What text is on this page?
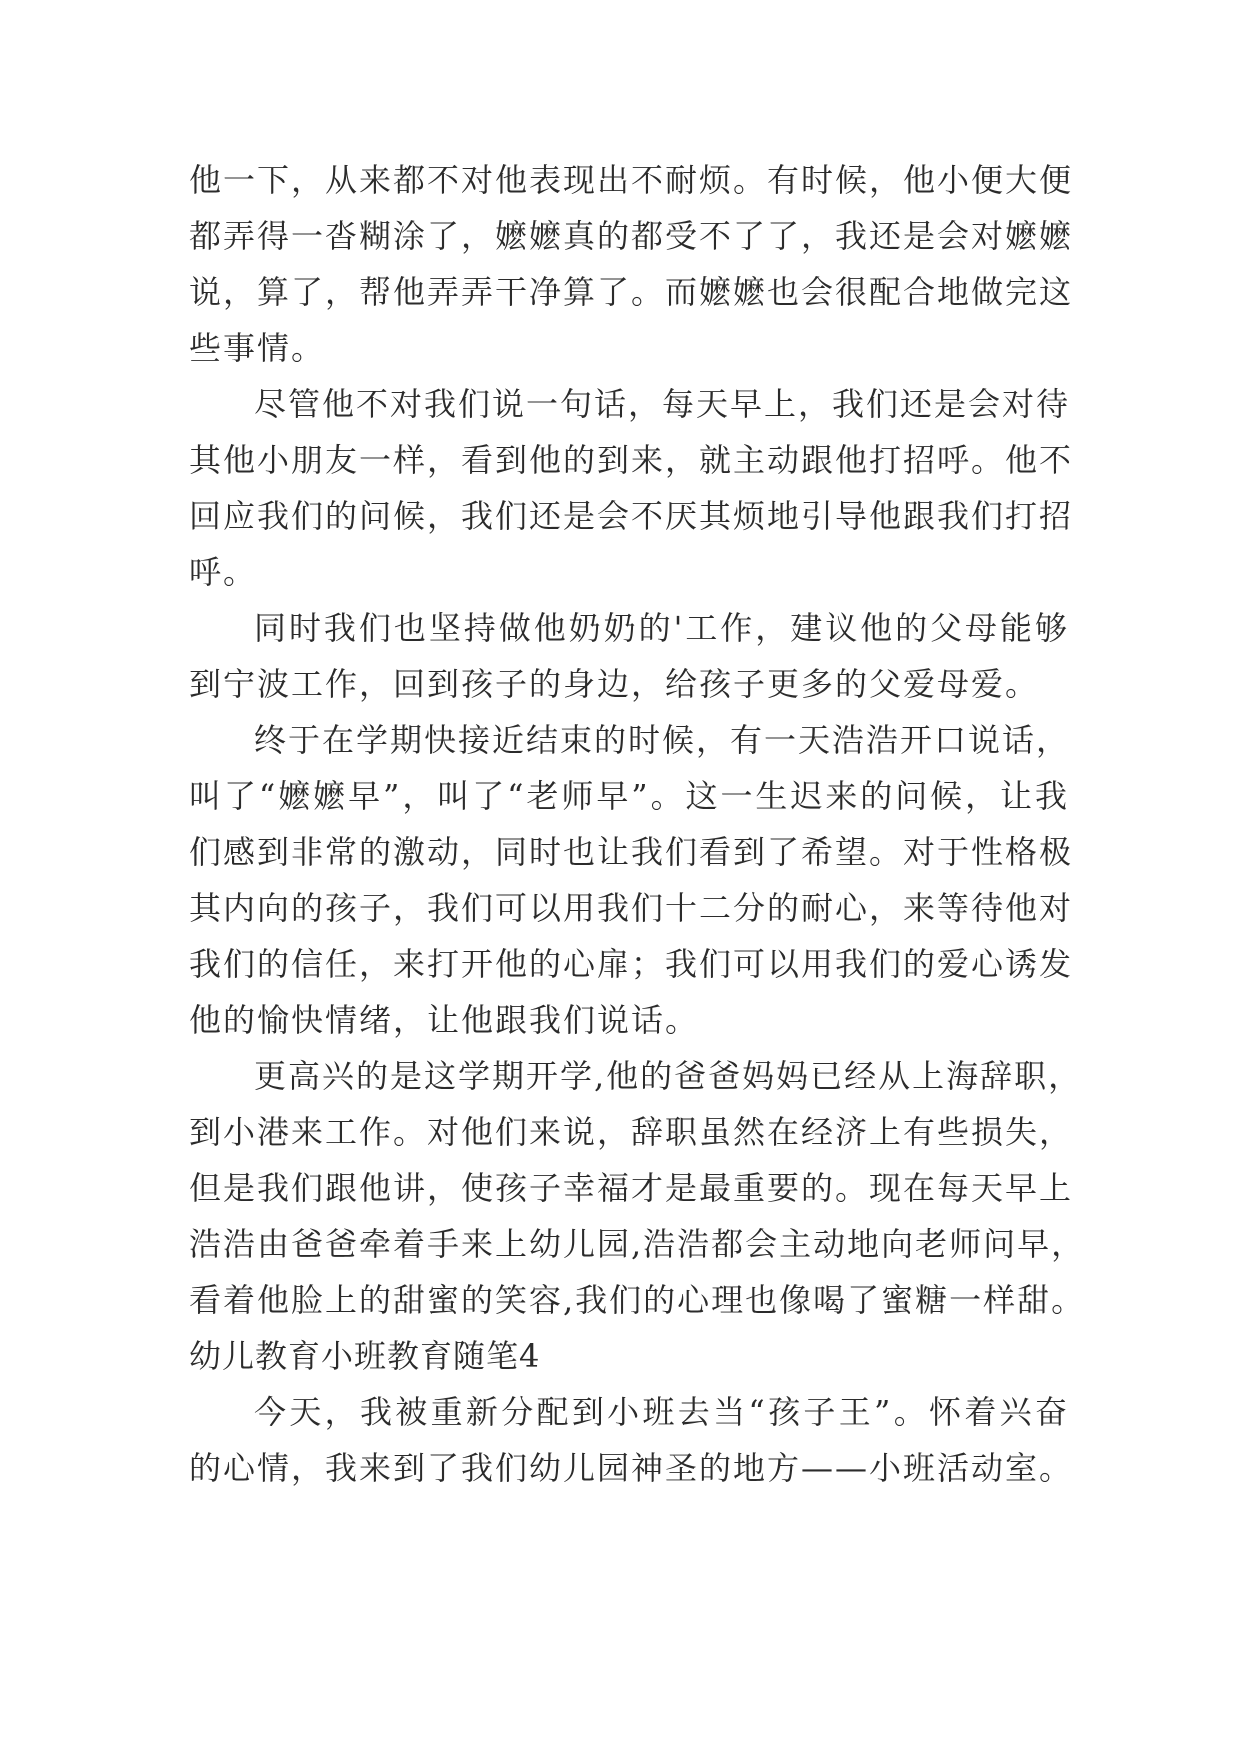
他一下，从来都不对他表现出不耐烦。有时候，他小便大便
都弄得一沓糊涂了，嬷嬷真的都受不了了，我还是会对嬷嬷
说，算了，帮他弄弄干净算了。而嬷嬷也会很配合地做完这
些事情。
尽管他不对我们说一句话，每天早上，我们还是会对待
其他小朋友一样，看到他的到来，就主动跟他打招呼。他不
回应我们的问候，我们还是会不厌其烦地引导他跟我们打招
呼。
同时我们也坚持做他奶奶的'工作，建议他的父母能够
到宁波工作，回到孩子的身边，给孩子更多的父爱母爱。
终于在学期快接近结束的时候，有一天浩浩开口说话，
叫了“嬷嬷早”，叫了“老师早”。这一生迟来的问候，让我
们感到非常的激动，同时也让我们看到了希望。对于性格极
其内向的孩子，我们可以用我们十二分的耐心，来等待他对
我们的信任，来打开他的心扉；我们可以用我们的爱心诱发
他的愉快情绪，让他跟我们说话。
更高兴的是这学期开学,他的爸爸妈妈已经从上海辞职，
到小港来工作。对他们来说，辞职虽然在经济上有些损失，
但是我们跟他讲，使孩子幸福才是最重要的。现在每天早上
浩浩由爸爸牵着手来上幼儿园,浩浩都会主动地向老师问早，
看着他脸上的甜蜜的笑容,我们的心理也像喝了蜜糖一样甜。
幼儿教育小班教育随笔4
今天，我被重新分配到小班去当“孩子王”。怀着兴奋
的心情，我来到了我们幼儿园神圣的地方——小班活动室。
